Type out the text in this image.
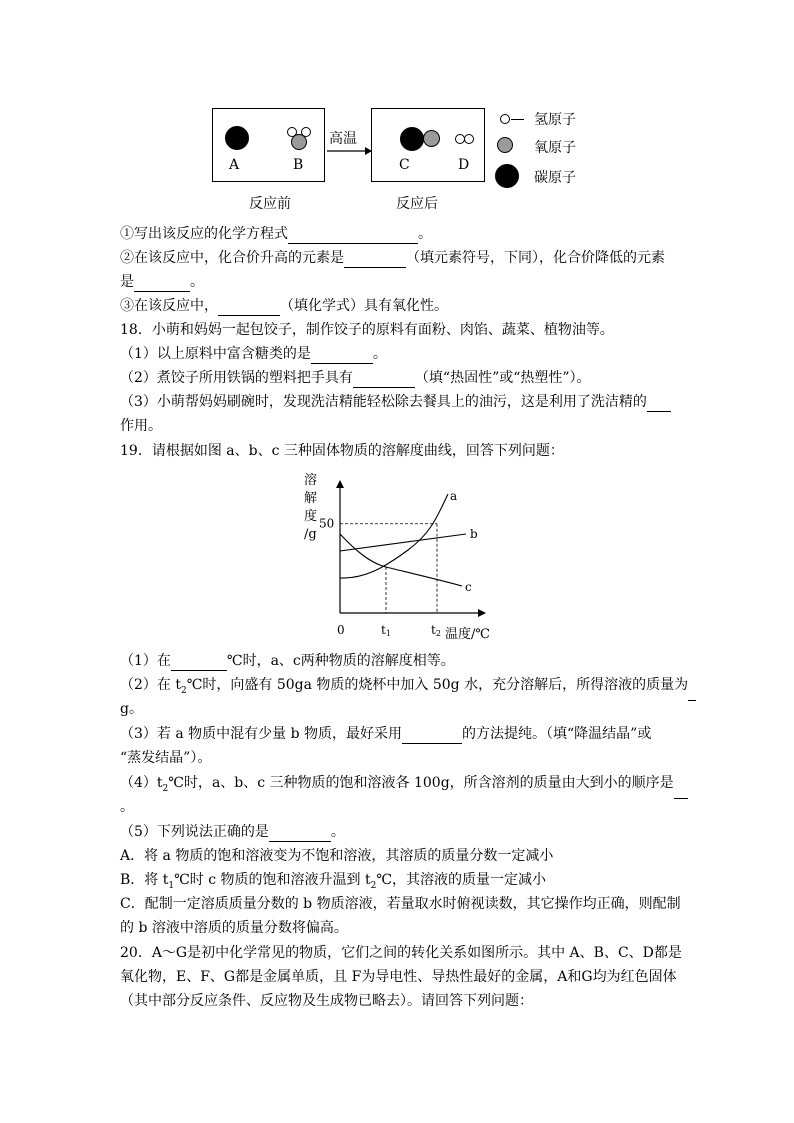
A	B
反应前
高温
C	D
反应后
氢原子
氧原子
碳原子
①写出该反应的化学方程式	。
②在该反应中，化合价升高的元素是	（填元素符号，下同），化合价降低的元素
是	。
③在该反应中，	（填化学式）具有氧化性。
18．小萌和妈妈一起包饺子，制作饺子的原料有面粉、肉馅、蔬菜、植物油等。
（1）以上原料中富含糖类的是	。
（2）煮饺子所用铁锅的塑料把手具有	（填“热固性”或“热塑性”）。
（3）小萌帮妈妈刷碗时，发现洗洁精能轻松除去餐具上的油污，这是利用了洗洁精的
作用。
19．请根据如图 a、b、c 三种固体物质的溶解度曲线，回答下列问题：
a
b
c
50
0	t1	t2 温度/℃
溶
解
度
/g
（1）在	℃时，a、c两种物质的溶解度相等。
（2）在 $t_2℃$时，向盛有 50ga 物质的烧杯中加入 50g 水，充分溶解后，所得溶液的质量为
g。
（3）若 a 物质中混有少量 b 物质，最好采用	的方法提纯。（填“降温结晶”或
“蒸发结晶”）。
$(4)t_2℃$时，a、b、c 三种物质的饱和溶液各 100g，所含溶剂的质量由大到小的顺序是
。
（5）下列说法正确的是	。
A．将 a 物质的饱和溶液变为不饱和溶液，其溶质的质量分数一定减小
B．将 $t_1℃$时 c 物质的饱和溶液升温到 $t_2℃$，其溶液的质量一定减小
C．配制一定溶质质量分数的 b 物质溶液，若量取水时俯视读数，其它操作均正确，则配制
的 b 溶液中溶质的质量分数将偏高。
20．A～G是初中化学常见的物质，它们之间的转化关系如图所示。其中 A、B、C、D都是
氧化物，E、F、G都是金属单质，且 F为导电性、导热性最好的金属，A和G均为红色固体
（其中部分反应条件、反应物及生成物已略去）。请回答下列问题：
